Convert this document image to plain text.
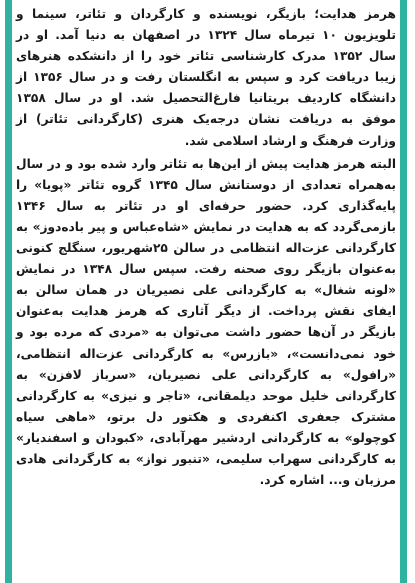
هرمز هدایت؛ بازیگر، نویسنده و کارگردان و تئاتر، سینما و تلویزیون ۱۰ تیرماه سال ۱۳۲۴ در اصفهان به دنیا آمد. او در سال ۱۳۵۲ مدرک کارشناسی تئاتر خود را از دانشکده هنرهای زیبا دریافت کرد و سپس به انگلستان رفت و در سال ۱۳۵۶ از دانشگاه کاردیف بریتانیا فارغ‌التحصیل شد. او در سال ۱۳۵۸ موفق به دریافت نشان درجه‌یک هنری (کارگردانی تئاتر) از وزارت فرهنگ و ارشاد اسلامی شد.

البته هرمز هدایت پیش از این‌ها به تئاتر وارد شده بود و در سال به‌همراه تعدادی از دوستانش سال ۱۳۴۵ گروه تئاتر «پویا» را پایه‌گذاری کرد. حضور حرفه‌ای او در تئاتر به سال ۱۳۴۶ بازمی‌گردد که به هدایت در نمایش «شاه‌عباس و پیر باده‌دوز» به کارگردانی عزت‌اله انتظامی در سالن ۲۵شهریور، سنگلج کنونی به‌عنوان بازیگر روی صحنه رفت. سپس سال ۱۳۴۸ در نمایش «لونه شغال» به کارگردانی علی نصیریان در همان سالن به ایفای نقش پرداخت. از دیگر آثاری که هرمز هدایت به‌عنوان بازیگر در آن‌ها حضور داشت می‌توان به «مردی که مرده بود و خود نمی‌دانست»، «بازرس» به کارگردانی عزت‌اله انتظامی، «رافول» به کارگردانی علی نصیریان، «سرباز لافزن» به کارگردانی خلیل موحد دیلمقانی، «تاجر و نیزی» به کارگردانی مشترک جعفری اکنفردی و هکتور دل برتو، «ماهی سیاه کوچولو» به کارگردانی اردشیر مهرآبادی، «کبودان و اسفندیار» به کارگردانی سهراب سلیمی، «تنبور نواز» به کارگردانی هادی مرزبان و... اشاره کرد.
